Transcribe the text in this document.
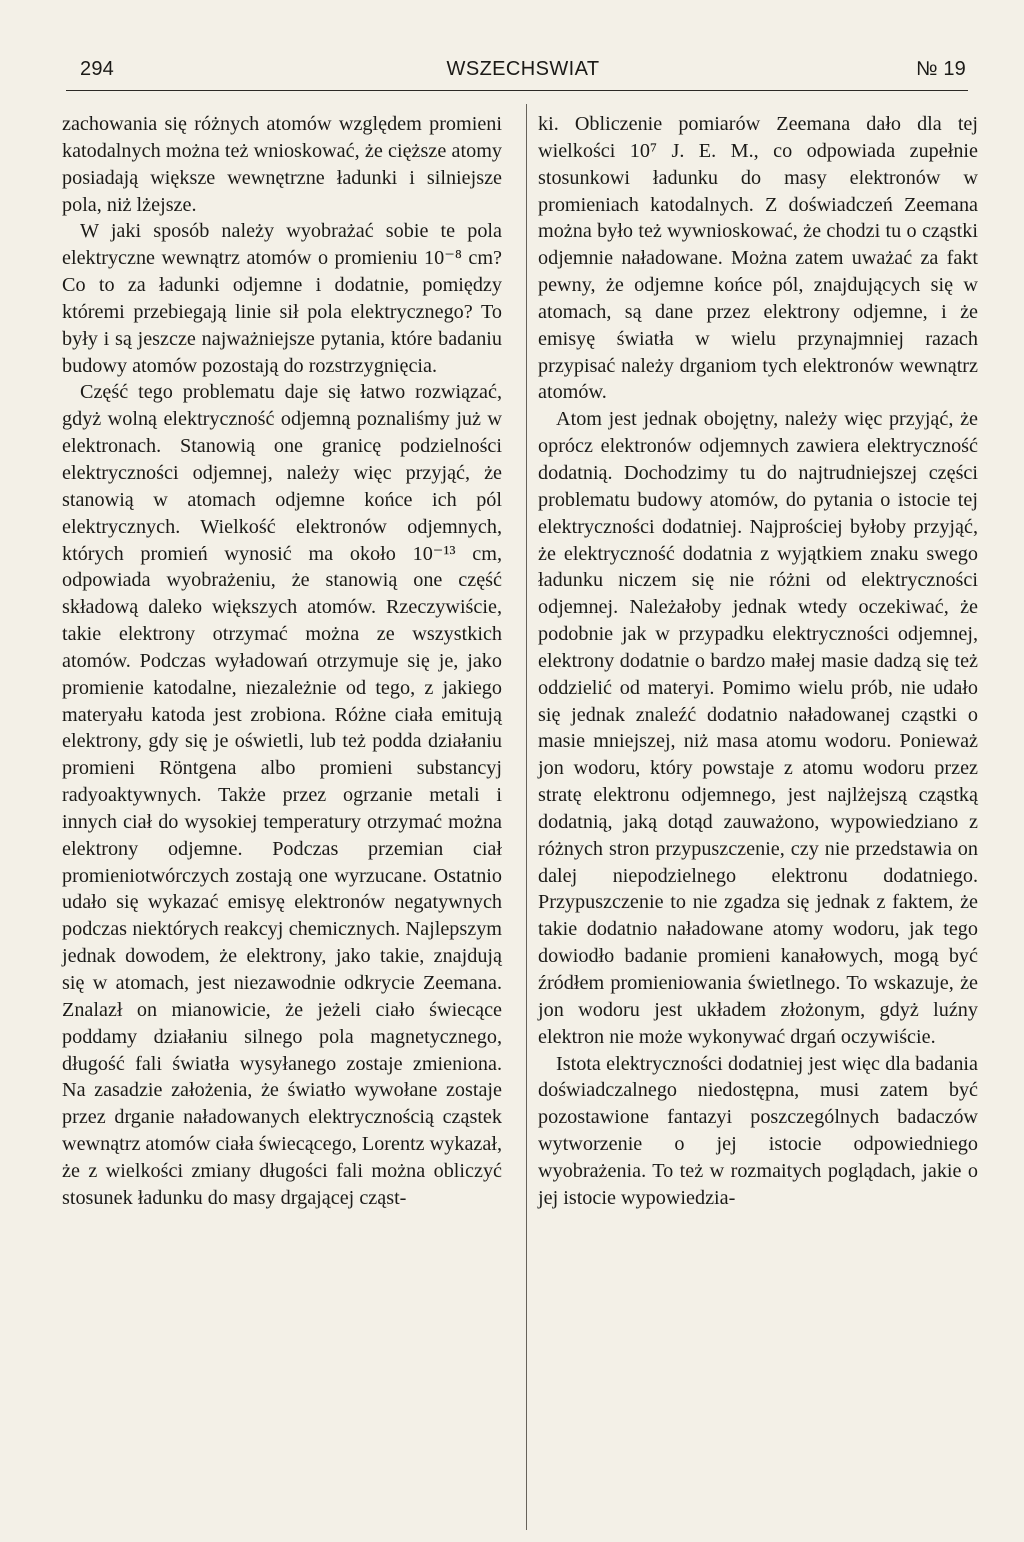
294	WSZECHSWIAT	№ 19

zachowania się różnych atomów względem promieni katodalnych można też wnioskować, że cięższe atomy posiadają większe wewnętrzne ładunki i silniejsze pola, niż lżejsze.

W jaki sposób należy wyobrażać sobie te pola elektryczne wewnątrz atomów o promieniu 10⁻⁸ cm? Co to za ładunki odjemne i dodatnie, pomiędzy któremi przebiegają linie sił pola elektrycznego? To były i są jeszcze najważniejsze pytania, które badaniu budowy atomów pozostają do rozstrzygnięcia.

Część tego problematu daje się łatwo rozwiązać, gdyż wolną elektryczność odjemną poznaliśmy już w elektronach. Stanowią one granicę podzielności elektryczności odjemnej, należy więc przyjąć, że stanowią w atomach odjemne końce ich pól elektrycznych. Wielkość elektronów odjemnych, których promień wynosić ma około 10⁻¹³ cm, odpowiada wyobrażeniu, że stanowią one część składową daleko większych atomów. Rzeczywiście, takie elektrony otrzymać można ze wszystkich atomów. Podczas wyładowań otrzymuje się je, jako promienie katodalne, niezależnie od tego, z jakiego materyału katoda jest zrobiona. Różne ciała emitują elektrony, gdy się je oświetli, lub też podda działaniu promieni Röntgena albo promieni substancyj radyoaktywnych. Także przez ogrzanie metali i innych ciał do wysokiej temperatury otrzymać można elektrony odjemne. Podczas przemian ciał promieniotwórczych zostają one wyrzucane. Ostatnio udało się wykazać emisyę elektronów negatywnych podczas niektórych reakcyj chemicznych. Najlepszym jednak dowodem, że elektrony, jako takie, znajdują się w atomach, jest niezawodnie odkrycie Zeemana. Znalazł on mianowicie, że jeżeli ciało świecące poddamy działaniu silnego pola magnetycznego, długość fali światła wysyłanego zostaje zmieniona. Na zasadzie założenia, że światło wywołane zostaje przez drganie naładowanych elektrycznością cząstek wewnątrz atomów ciała świecącego, Lorentz wykazał, że z wielkości zmiany długości fali można obliczyć stosunek ładunku do masy drgającej cząst-

ki. Obliczenie pomiarów Zeemana dało dla tej wielkości 10⁷ J. E. M., co odpowiada zupełnie stosunkowi ładunku do masy elektronów w promieniach katodalnych. Z doświadczeń Zeemana można było też wywnioskować, że chodzi tu o cząstki odjemnie naładowane. Można zatem uważać za fakt pewny, że odjemne końce pól, znajdujących się w atomach, są dane przez elektrony odjemne, i że emisyę światła w wielu przynajmniej razach przypisać należy drganiom tych elektronów wewnątrz atomów.

Atom jest jednak obojętny, należy więc przyjąć, że oprócz elektronów odjemnych zawiera elektryczność dodatnią. Dochodzimy tu do najtrudniejszej części problematu budowy atomów, do pytania o istocie tej elektryczności dodatniej. Najprościej byłoby przyjąć, że elektryczność dodatnia z wyjątkiem znaku swego ładunku niczem się nie różni od elektryczności odjemnej. Należałoby jednak wtedy oczekiwać, że podobnie jak w przypadku elektryczności odjemnej, elektrony dodatnie o bardzo małej masie dadzą się też oddzielić od materyi. Pomimo wielu prób, nie udało się jednak znaleźć dodatnio naładowanej cząstki o masie mniejszej, niż masa atomu wodoru. Ponieważ jon wodoru, który powstaje z atomu wodoru przez stratę elektronu odjemnego, jest najlżejszą cząstką dodatnią, jaką dotąd zauważono, wypowiedziano z różnych stron przypuszczenie, czy nie przedstawia on dalej niepodzielnego elektronu dodatniego. Przypuszczenie to nie zgadza się jednak z faktem, że takie dodatnio naładowane atomy wodoru, jak tego dowiodło badanie promieni kanałowych, mogą być źródłem promieniowania świetlnego. To wskazuje, że jon wodoru jest układem złożonym, gdyż luźny elektron nie może wykonywać drgań oczywiście.

Istota elektryczności dodatniej jest więc dla badania doświadczalnego niedostępna, musi zatem być pozostawione fantazyi poszczególnych badaczów wytworzenie o jej istocie odpowiedniego wyobrażenia. To też w rozmaitych poglądach, jakie o jej istocie wypowiedzia-
